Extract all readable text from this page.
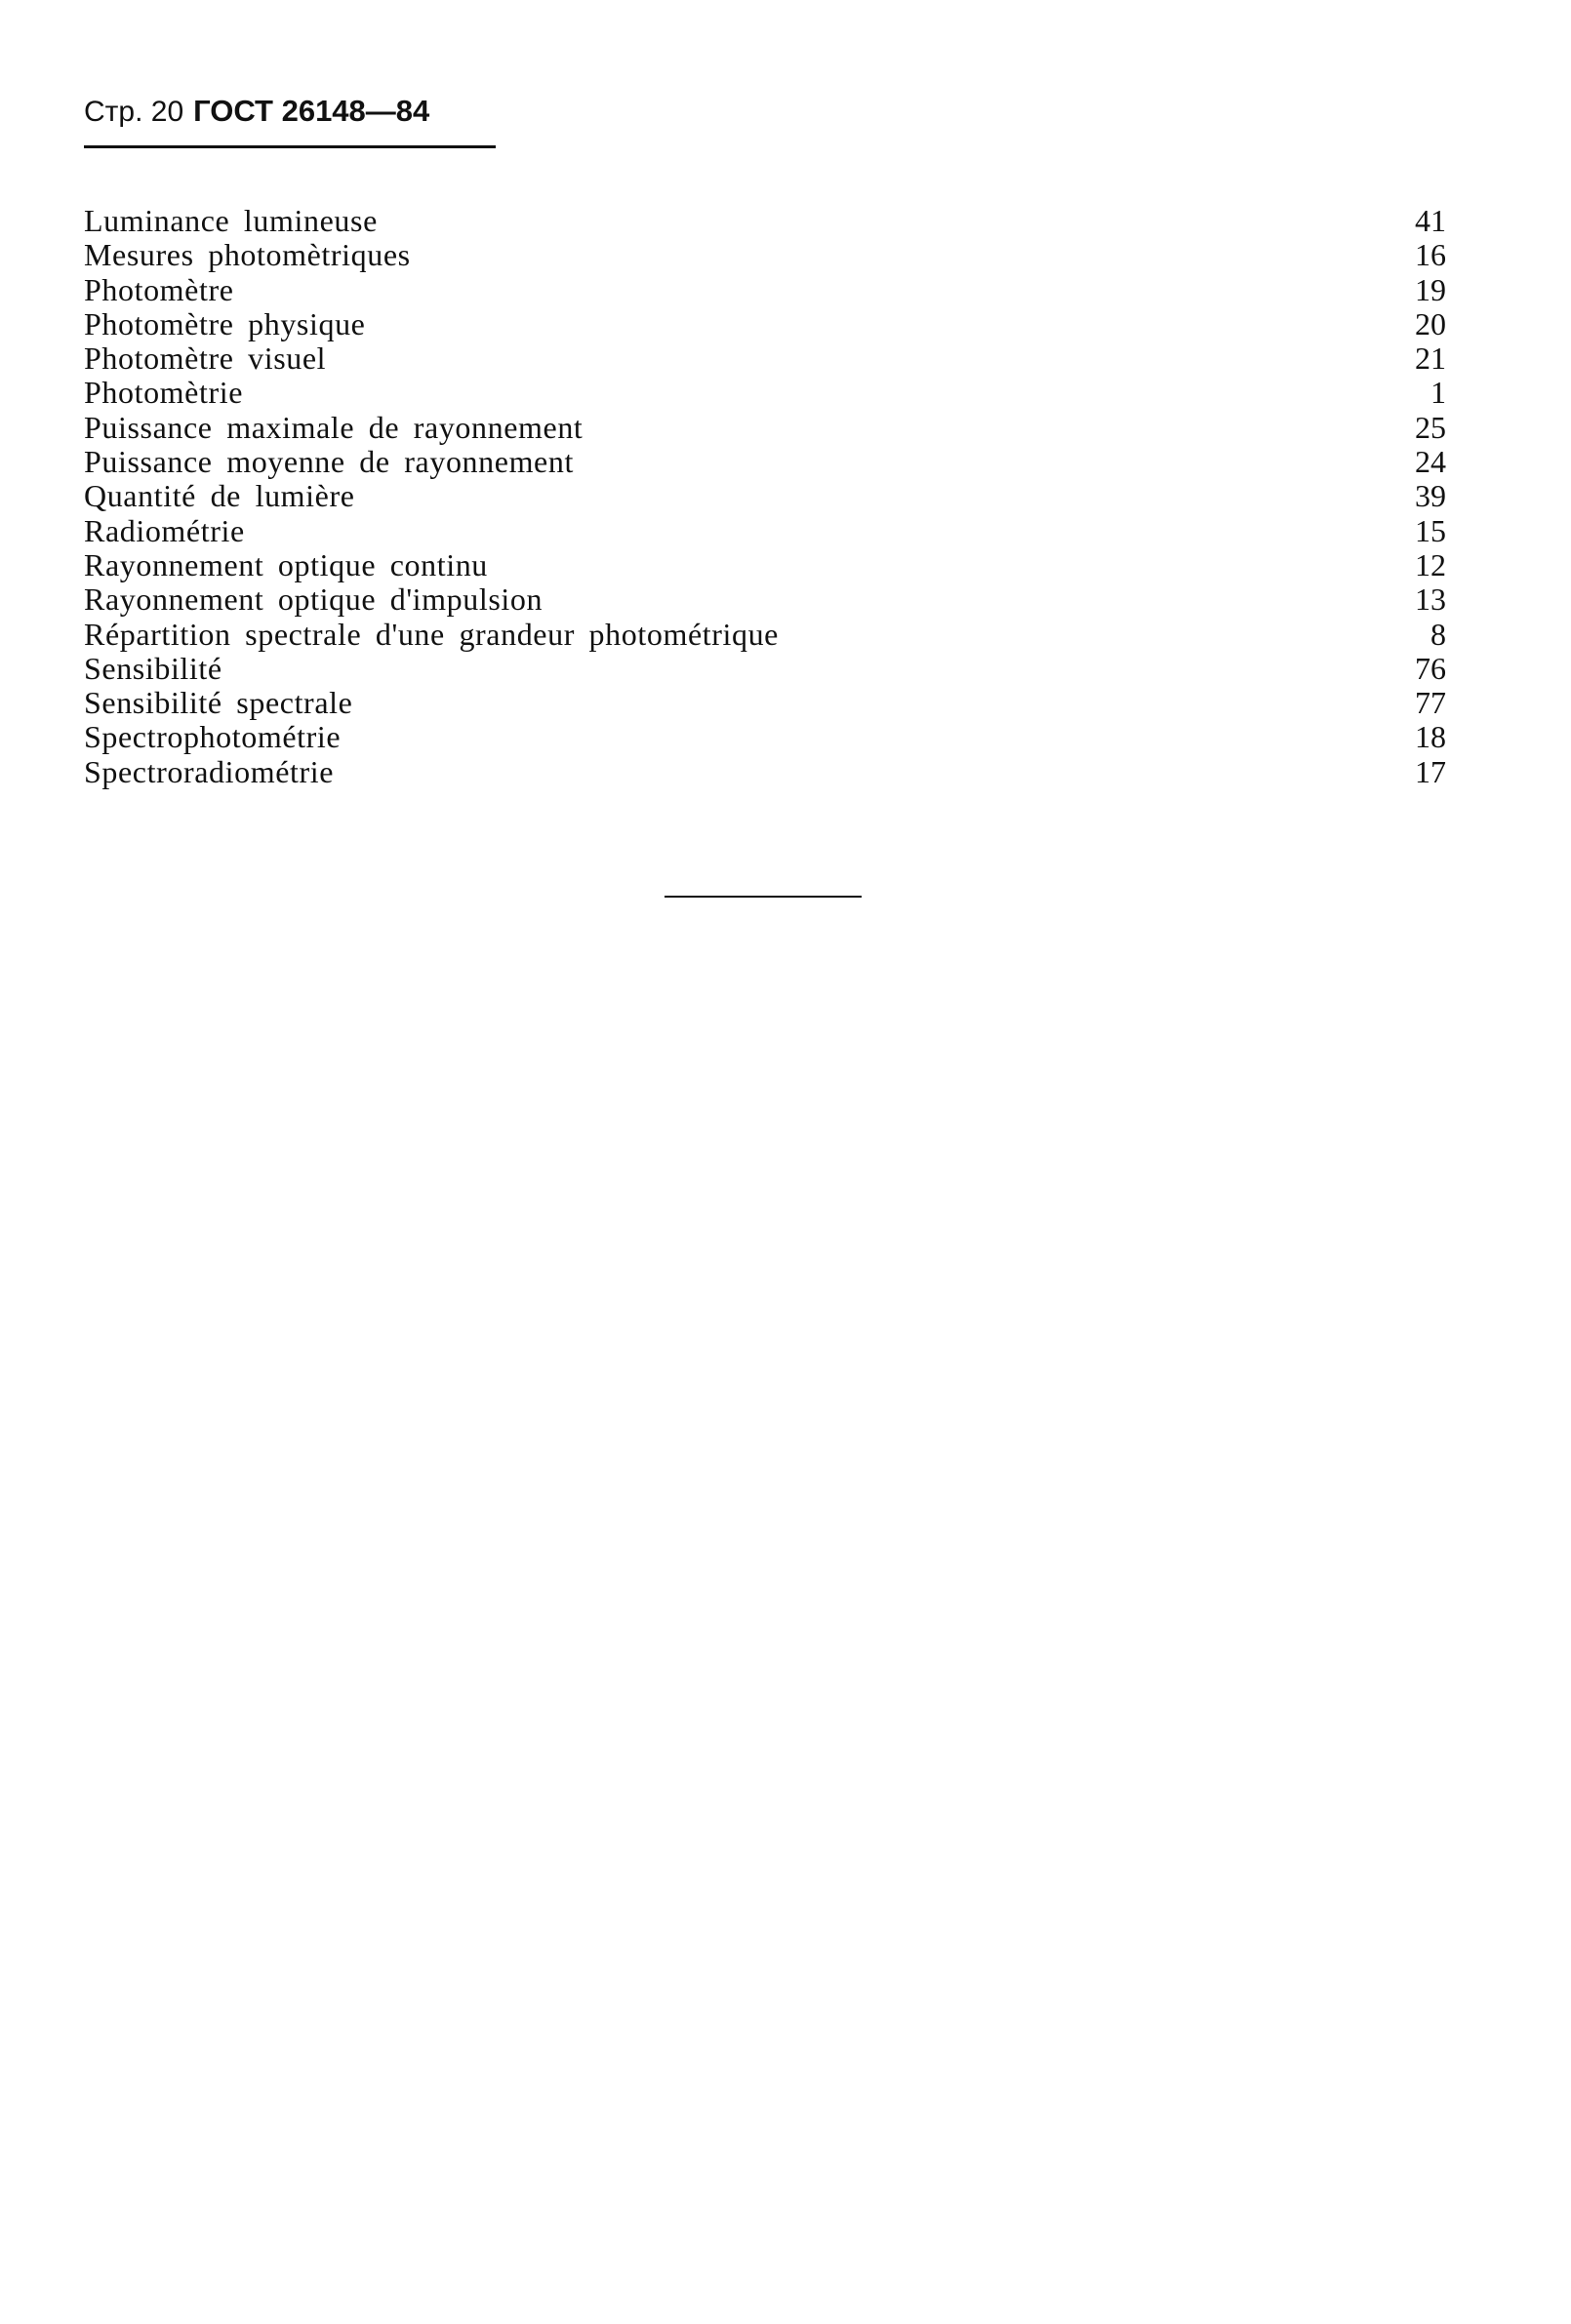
Стр. 20 ГОСТ 26148—84
Luminance lumineuse	41
Mesures photomètriques	16
Photomètre	19
Photomètre physique	20
Photomètre visuel	21
Photomètrie	1
Puissance maximale de rayonnement	25
Puissance moyenne de rayonnement	24
Quantité de lumière	39
Radiométrie	15
Rayonnement optique continu	12
Rayonnement optique d'impulsion	13
Répartition spectrale d'une grandeur photométrique	8
Sensibilité	76
Sensibilité spectrale	77
Spectrophotométrie	18
Spectroradiométrie	17
